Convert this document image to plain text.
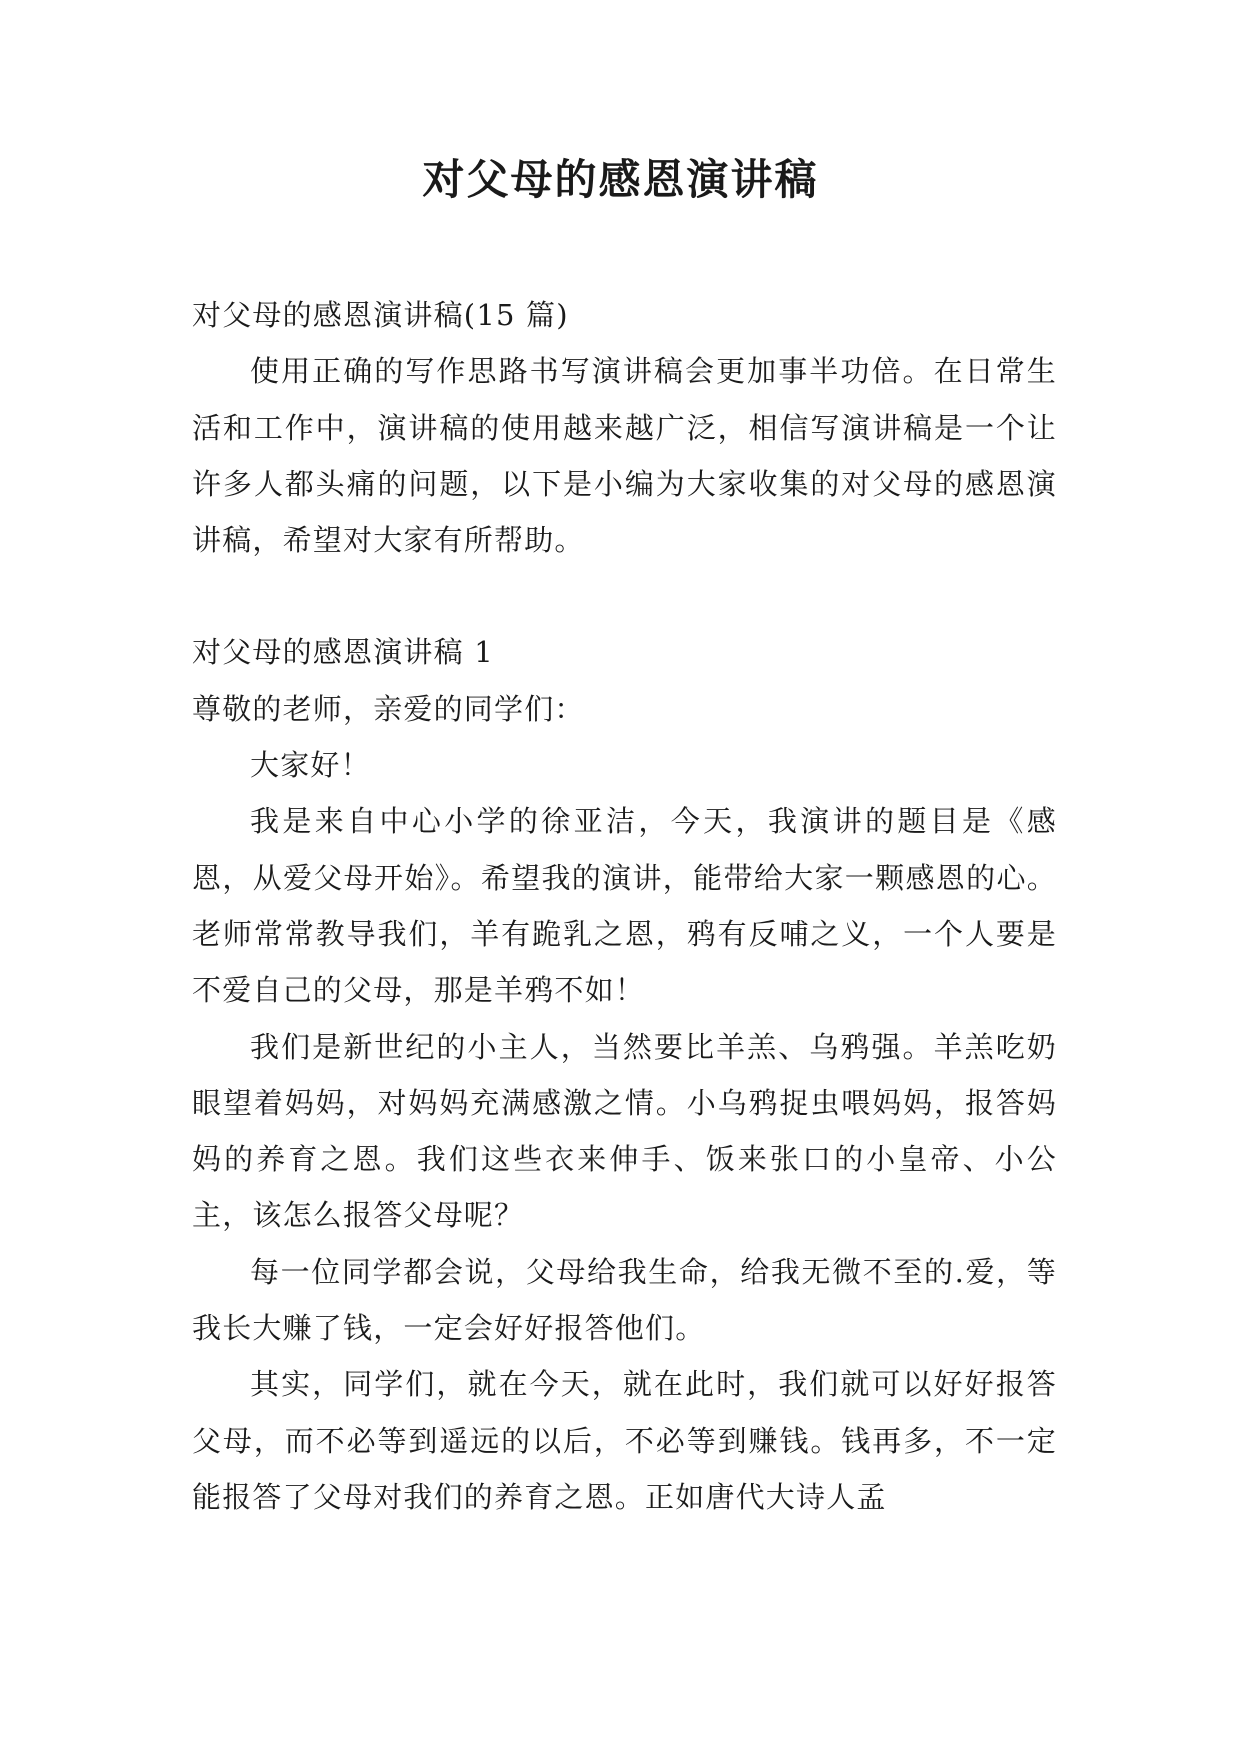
对父母的感恩演讲稿

对父母的感恩演讲稿(15 篇)

使用正确的写作思路书写演讲稿会更加事半功倍。在日常生活和工作中，演讲稿的使用越来越广泛，相信写演讲稿是一个让许多人都头痛的问题，以下是小编为大家收集的对父母的感恩演讲稿，希望对大家有所帮助。

对父母的感恩演讲稿 1

尊敬的老师，亲爱的同学们：

大家好！

我是来自中心小学的徐亚洁，今天，我演讲的题目是《感恩，从爱父母开始》。希望我的演讲，能带给大家一颗感恩的心。老师常常教导我们，羊有跪乳之恩，鸦有反哺之义，一个人要是不爱自己的父母，那是羊鸦不如！

我们是新世纪的小主人，当然要比羊羔、乌鸦强。羊羔吃奶眼望着妈妈，对妈妈充满感激之情。小乌鸦捉虫喂妈妈，报答妈妈的养育之恩。我们这些衣来伸手、饭来张口的小皇帝、小公主，该怎么报答父母呢？

每一位同学都会说，父母给我生命，给我无微不至的.爱，等我长大赚了钱，一定会好好报答他们。

其实，同学们，就在今天，就在此时，我们就可以好好报答父母，而不必等到遥远的以后，不必等到赚钱。钱再多，不一定能报答了父母对我们的养育之恩。正如唐代大诗人孟
